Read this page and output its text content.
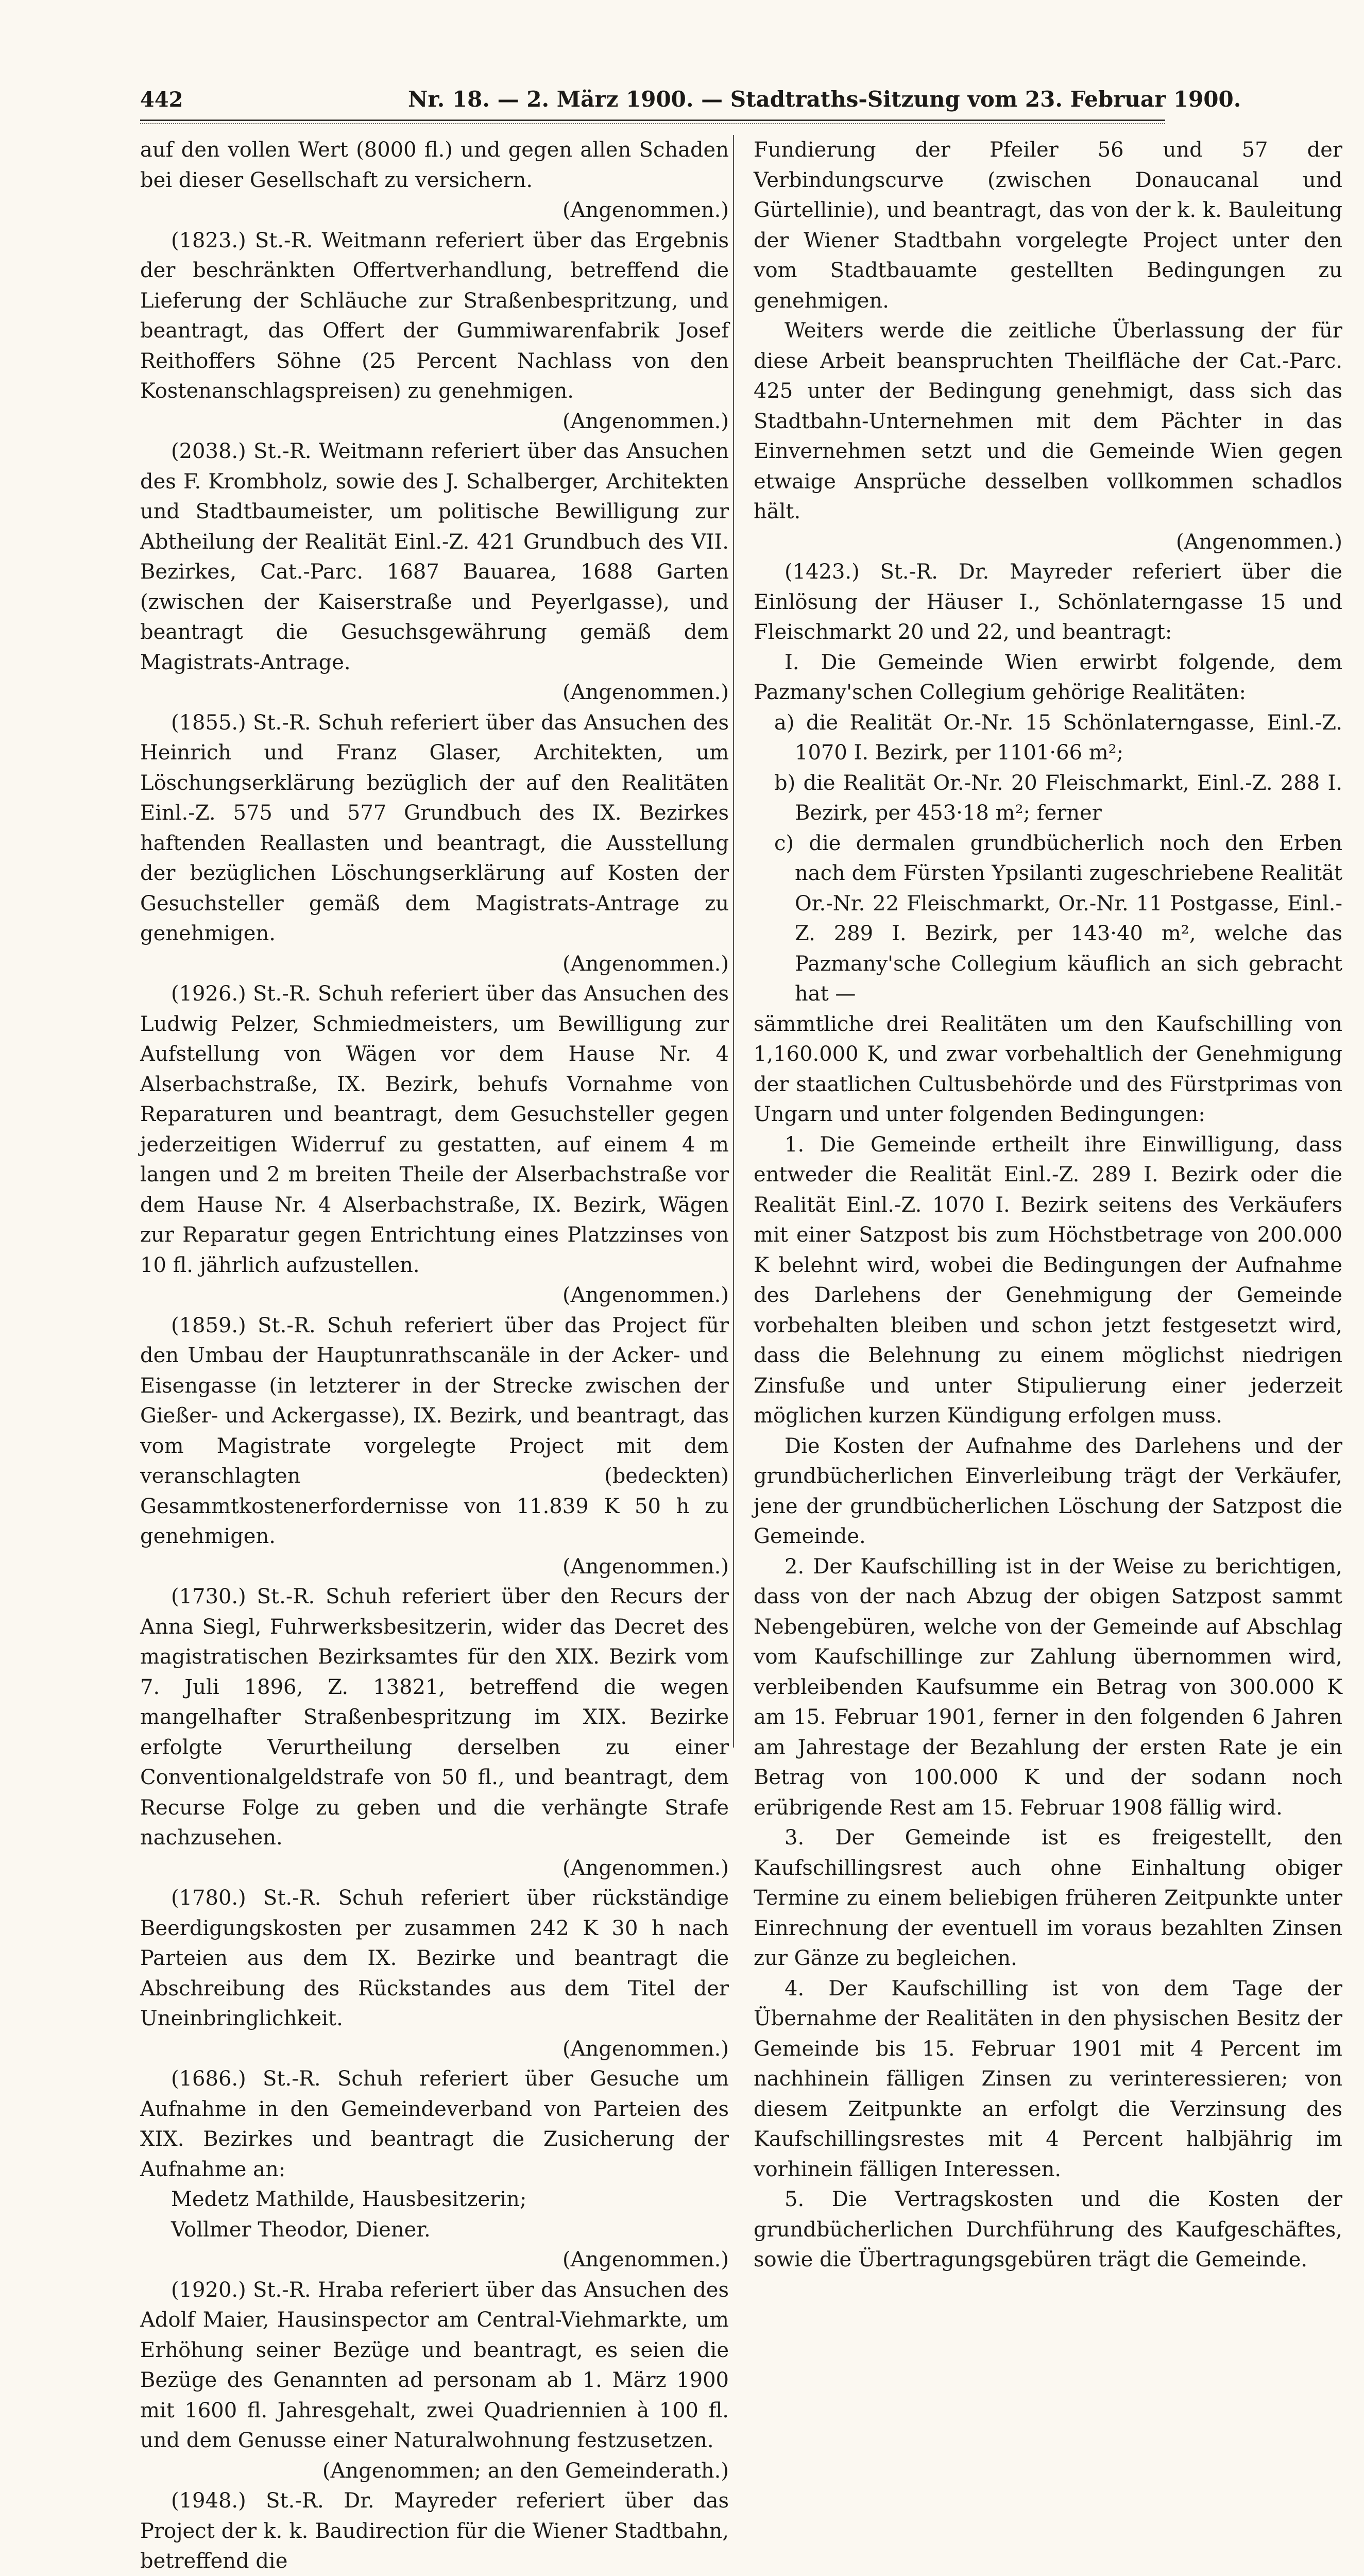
442	Nr. 18. — 2. März 1900. — Stadtraths-Sitzung vom 23. Februar 1900.

auf den vollen Wert (8000 fl.) und gegen allen Schaden bei dieser Gesellschaft zu versichern.

(Angenommen.)

(1823.) St.-R. Weitmann referiert über das Ergebnis der beschränkten Offertverhandlung, betreffend die Lieferung der Schläuche zur Straßenbespritzung, und beantragt, das Offert der Gummiwarenfabrik Josef Reithoffers Söhne (25 Percent Nachlass von den Kostenanschlagspreisen) zu genehmigen.

(Angenommen.)

(2038.) St.-R. Weitmann referiert über das Ansuchen des F. Krombholz, sowie des J. Schalberger, Architekten und Stadtbaumeister, um politische Bewilligung zur Abtheilung der Realität Einl.-Z. 421 Grundbuch des VII. Bezirkes, Cat.-Parc. 1687 Bauarea, 1688 Garten (zwischen der Kaiserstraße und Peyerlgasse), und beantragt die Gesuchsgewährung gemäß dem Magistrats-Antrage.

(Angenommen.)

(1855.) St.-R. Schuh referiert über das Ansuchen des Heinrich und Franz Glaser, Architekten, um Löschungserklärung bezüglich der auf den Realitäten Einl.-Z. 575 und 577 Grundbuch des IX. Bezirkes haftenden Reallasten und beantragt, die Ausstellung der bezüglichen Löschungserklärung auf Kosten der Gesuchsteller gemäß dem Magistrats-Antrage zu genehmigen.

(Angenommen.)

(1926.) St.-R. Schuh referiert über das Ansuchen des Ludwig Pelzer, Schmiedmeisters, um Bewilligung zur Aufstellung von Wägen vor dem Hause Nr. 4 Alserbachstraße, IX. Bezirk, behufs Vornahme von Reparaturen und beantragt, dem Gesuchsteller gegen jederzeitigen Widerruf zu gestatten, auf einem 4 m langen und 2 m breiten Theile der Alserbachstraße vor dem Hause Nr. 4 Alserbachstraße, IX. Bezirk, Wägen zur Reparatur gegen Entrichtung eines Platzzinses von 10 fl. jährlich aufzustellen.

(Angenommen.)

(1859.) St.-R. Schuh referiert über das Project für den Umbau der Hauptunrathscanäle in der Acker- und Eisengasse (in letzterer in der Strecke zwischen der Gießer- und Ackergasse), IX. Bezirk, und beantragt, das vom Magistrate vorgelegte Project mit dem veranschlagten (bedeckten) Gesammtkostenerfordernisse von 11.839 K 50 h zu genehmigen.

(Angenommen.)

(1730.) St.-R. Schuh referiert über den Recurs der Anna Siegl, Fuhrwerksbesitzerin, wider das Decret des magistratischen Bezirksamtes für den XIX. Bezirk vom 7. Juli 1896, Z. 13821, betreffend die wegen mangelhafter Straßenbespritzung im XIX. Bezirke erfolgte Verurtheilung derselben zu einer Conventionalgeldstrafe von 50 fl., und beantragt, dem Recurse Folge zu geben und die verhängte Strafe nachzusehen.

(Angenommen.)

(1780.) St.-R. Schuh referiert über rückständige Beerdigungskosten per zusammen 242 K 30 h nach Parteien aus dem IX. Bezirke und beantragt die Abschreibung des Rückstandes aus dem Titel der Uneinbringlichkeit.

(Angenommen.)

(1686.) St.-R. Schuh referiert über Gesuche um Aufnahme in den Gemeindeverband von Parteien des XIX. Bezirkes und beantragt die Zusicherung der Aufnahme an:

Medetz Mathilde, Hausbesitzerin;

Vollmer Theodor, Diener.

(Angenommen.)

(1920.) St.-R. Hraba referiert über das Ansuchen des Adolf Maier, Hausinspector am Central-Viehmarkte, um Erhöhung seiner Bezüge und beantragt, es seien die Bezüge des Genannten ad personam ab 1. März 1900 mit 1600 fl. Jahresgehalt, zwei Quadriennien à 100 fl. und dem Genusse einer Naturalwohnung festzusetzen.

(Angenommen; an den Gemeinderath.)

(1948.) St.-R. Dr. Mayreder referiert über das Project der k. k. Baudirection für die Wiener Stadtbahn, betreffend die

Fundierung der Pfeiler 56 und 57 der Verbindungscurve (zwischen Donaucanal und Gürtellinie), und beantragt, das von der k. k. Bauleitung der Wiener Stadtbahn vorgelegte Project unter den vom Stadtbauamte gestellten Bedingungen zu genehmigen.

Weiters werde die zeitliche Überlassung der für diese Arbeit beanspruchten Theilfläche der Cat.-Parc. 425 unter der Bedingung genehmigt, dass sich das Stadtbahn-Unternehmen mit dem Pächter in das Einvernehmen setzt und die Gemeinde Wien gegen etwaige Ansprüche desselben vollkommen schadlos hält.

(Angenommen.)

(1423.) St.-R. Dr. Mayreder referiert über die Einlösung der Häuser I., Schönlaterngasse 15 und Fleischmarkt 20 und 22, und beantragt:

I. Die Gemeinde Wien erwirbt folgende, dem Pazmany'schen Collegium gehörige Realitäten:

a) die Realität Or.-Nr. 15 Schönlaterngasse, Einl.-Z. 1070 I. Bezirk, per 1101·66 m²;

b) die Realität Or.-Nr. 20 Fleischmarkt, Einl.-Z. 288 I. Bezirk, per 453·18 m²; ferner

c) die dermalen grundbücherlich noch den Erben nach dem Fürsten Ypsilanti zugeschriebene Realität Or.-Nr. 22 Fleischmarkt, Or.-Nr. 11 Postgasse, Einl.-Z. 289 I. Bezirk, per 143·40 m², welche das Pazmany'sche Collegium käuflich an sich gebracht hat —

sämmtliche drei Realitäten um den Kaufschilling von 1,160.000 K, und zwar vorbehaltlich der Genehmigung der staatlichen Cultusbehörde und des Fürstprimas von Ungarn und unter folgenden Bedingungen:

1. Die Gemeinde ertheilt ihre Einwilligung, dass entweder die Realität Einl.-Z. 289 I. Bezirk oder die Realität Einl.-Z. 1070 I. Bezirk seitens des Verkäufers mit einer Satzpost bis zum Höchstbetrage von 200.000 K belehnt wird, wobei die Bedingungen der Aufnahme des Darlehens der Genehmigung der Gemeinde vorbehalten bleiben und schon jetzt festgesetzt wird, dass die Belehnung zu einem möglichst niedrigen Zinsfuße und unter Stipulierung einer jederzeit möglichen kurzen Kündigung erfolgen muss.

Die Kosten der Aufnahme des Darlehens und der grundbücherlichen Einverleibung trägt der Verkäufer, jene der grundbücherlichen Löschung der Satzpost die Gemeinde.

2. Der Kaufschilling ist in der Weise zu berichtigen, dass von der nach Abzug der obigen Satzpost sammt Nebengebüren, welche von der Gemeinde auf Abschlag vom Kaufschillinge zur Zahlung übernommen wird, verbleibenden Kaufsumme ein Betrag von 300.000 K am 15. Februar 1901, ferner in den folgenden 6 Jahren am Jahrestage der Bezahlung der ersten Rate je ein Betrag von 100.000 K und der sodann noch erübrigende Rest am 15. Februar 1908 fällig wird.

3. Der Gemeinde ist es freigestellt, den Kaufschillingsrest auch ohne Einhaltung obiger Termine zu einem beliebigen früheren Zeitpunkte unter Einrechnung der eventuell im voraus bezahlten Zinsen zur Gänze zu begleichen.

4. Der Kaufschilling ist von dem Tage der Übernahme der Realitäten in den physischen Besitz der Gemeinde bis 15. Februar 1901 mit 4 Percent im nachhinein fälligen Zinsen zu verinteressieren; von diesem Zeitpunkte an erfolgt die Verzinsung des Kaufschillingsrestes mit 4 Percent halbjährig im vorhinein fälligen Interessen.

5. Die Vertragskosten und die Kosten der grundbücherlichen Durchführung des Kaufgeschäftes, sowie die Übertragungsgebüren trägt die Gemeinde.
